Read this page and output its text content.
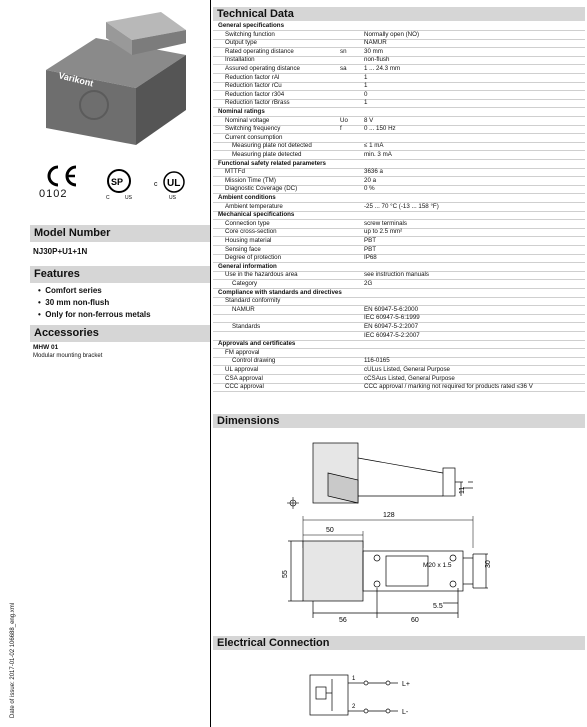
Varikont
0102
SP
C	US
UL
c
US
Model Number
NJ30P+U1+1N
Features
•  Comfort series
•  30 mm non-flush
•  Only for non-ferrous metals
Accessories
MHW 01
Modular mounting bracket
Date of issue: 2017-01-02 106688_eng.xml
Technical Data
General specifications
Switching function	Normally open (NO)
Output type	NAMUR
Rated operating distance	sn	30 mm
Installation	non-flush
Assured operating distance	sa	1 ... 24.3 mm
Reduction factor rAl	1
Reduction factor rCu	1
Reduction factor r304	0
Reduction factor rBrass	1
Nominal ratings
Nominal voltage	Uo	8 V
Switching frequency	f	0 ... 150 Hz
Current consumption
Measuring plate not detected	≤ 1 mA
Measuring plate detected	min. 3 mA
Functional safety related parameters
MTTFd	3636 a
Mission Time (TM)	20 a
Diagnostic Coverage (DC)	0 %
Ambient conditions
Ambient temperature	-25 ... 70 °C (-13 ... 158 °F)
Mechanical specifications
Connection type	screw terminals
Core cross-section	up to 2.5 mm²
Housing material	PBT
Sensing face	PBT
Degree of protection	IP68
General information
Use in the hazardous area	see instruction manuals
Category	2G
Compliance with standards and directives
Standard conformity
NAMUR	EN 60947-5-6:2000
IEC 60947-5-6:1999
Standards	EN 60947-5-2:2007
IEC 60947-5-2:2007
Approvals and certificates
FM approval
Control drawing	116-0165
UL approval	cULus Listed, General Purpose
CSA approval	cCSAus Listed, General Purpose
CCC approval	CCC approval / marking not required for products rated ≤36 V
Dimensions
11
128
50
55
30
M20 x 1.5
5.5
56	60
Electrical Connection
1
2
L+
L-
